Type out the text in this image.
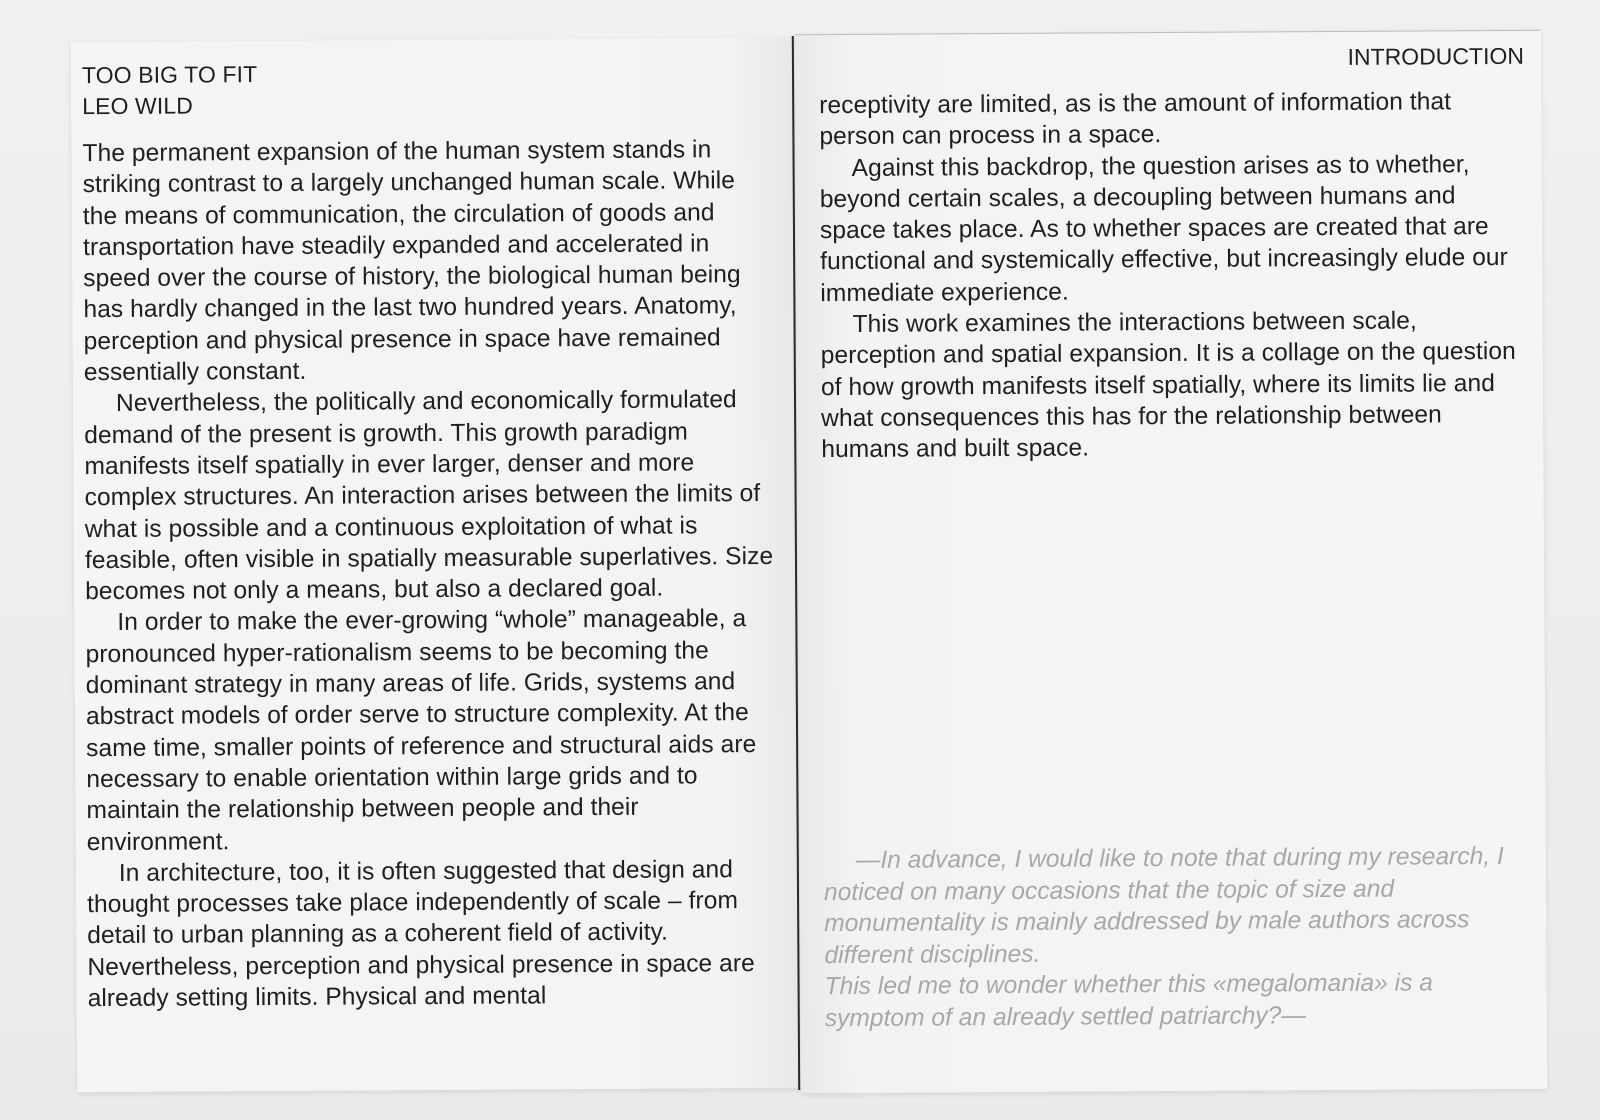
TOO BIG TO FIT

LEO WILD

The permanent expansion of the human system stands in striking contrast to a largely unchanged human scale. While the means of communication, the circulation of goods and transportation have steadily expanded and accelerated in speed over the course of history, the biological human being has hardly changed in the last two hundred years. Anatomy, perception and physical presence in space have remained essentially constant.

Nevertheless, the politically and economically formulated demand of the present is growth. This growth paradigm manifests itself spatially in ever larger, denser and more complex structures. An interaction arises between the limits of what is possible and a continuous exploitation of what is feasible, often visible in spatially measurable superlatives. Size becomes not only a means, but also a declared goal.

In order to make the ever-growing “whole” manageable, a pronounced hyper-rationalism seems to be becoming the dominant strategy in many areas of life. Grids, systems and abstract models of order serve to structure complexity. At the same time, smaller points of reference and structural aids are necessary to enable orientation within large grids and to maintain the relationship between people and their environment.

In architecture, too, it is often suggested that design and thought processes take place independently of scale – from detail to urban planning as a coherent field of activity. Nevertheless, perception and physical presence in space are already setting limits. Physical and mental

INTRODUCTION

receptivity are limited, as is the amount of information that person can process in a space.

Against this backdrop, the question arises as to whether, beyond certain scales, a decoupling between humans and space takes place. As to whether spaces are created that are functional and systemically effective, but increasingly elude our immediate experience.

This work examines the interactions between scale, perception and spatial expansion. It is a collage on the question of how growth manifests itself spatially, where its limits lie and what consequences this has for the relationship between humans and built space.

—In advance, I would like to note that during my research, I noticed on many occasions that the topic of size and monumentality is mainly addressed by male authors across different disciplines.

This led me to wonder whether this «megalomania» is a symptom of an already settled patriarchy?—
